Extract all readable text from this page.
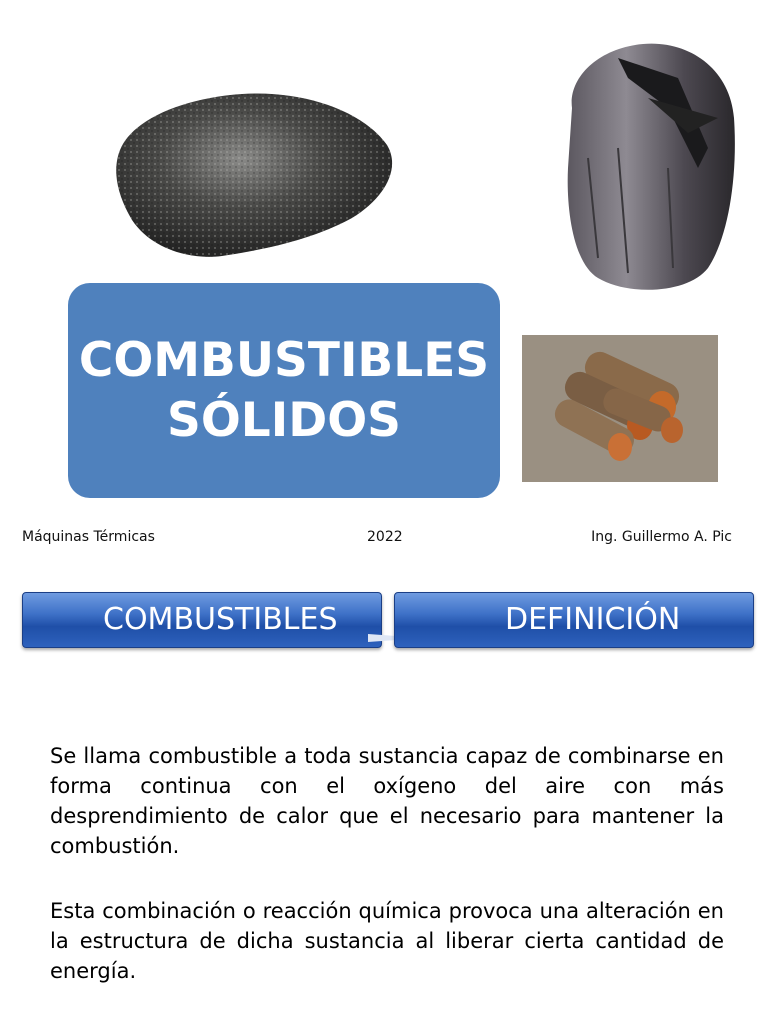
COMBUSTIBLES
SÓLIDOS
Máquinas Térmicas	2022	Ing. Guillermo A. Pic
COMBUSTIBLES	DEFINICIÓN
Se llama combustible a toda sustancia capaz de combinarse en forma continua con el oxígeno del aire con más desprendimiento de calor que el necesario para mantener la combustión.
Esta combinación o reacción química provoca una alteración en la estructura de dicha sustancia al liberar cierta cantidad de energía.
